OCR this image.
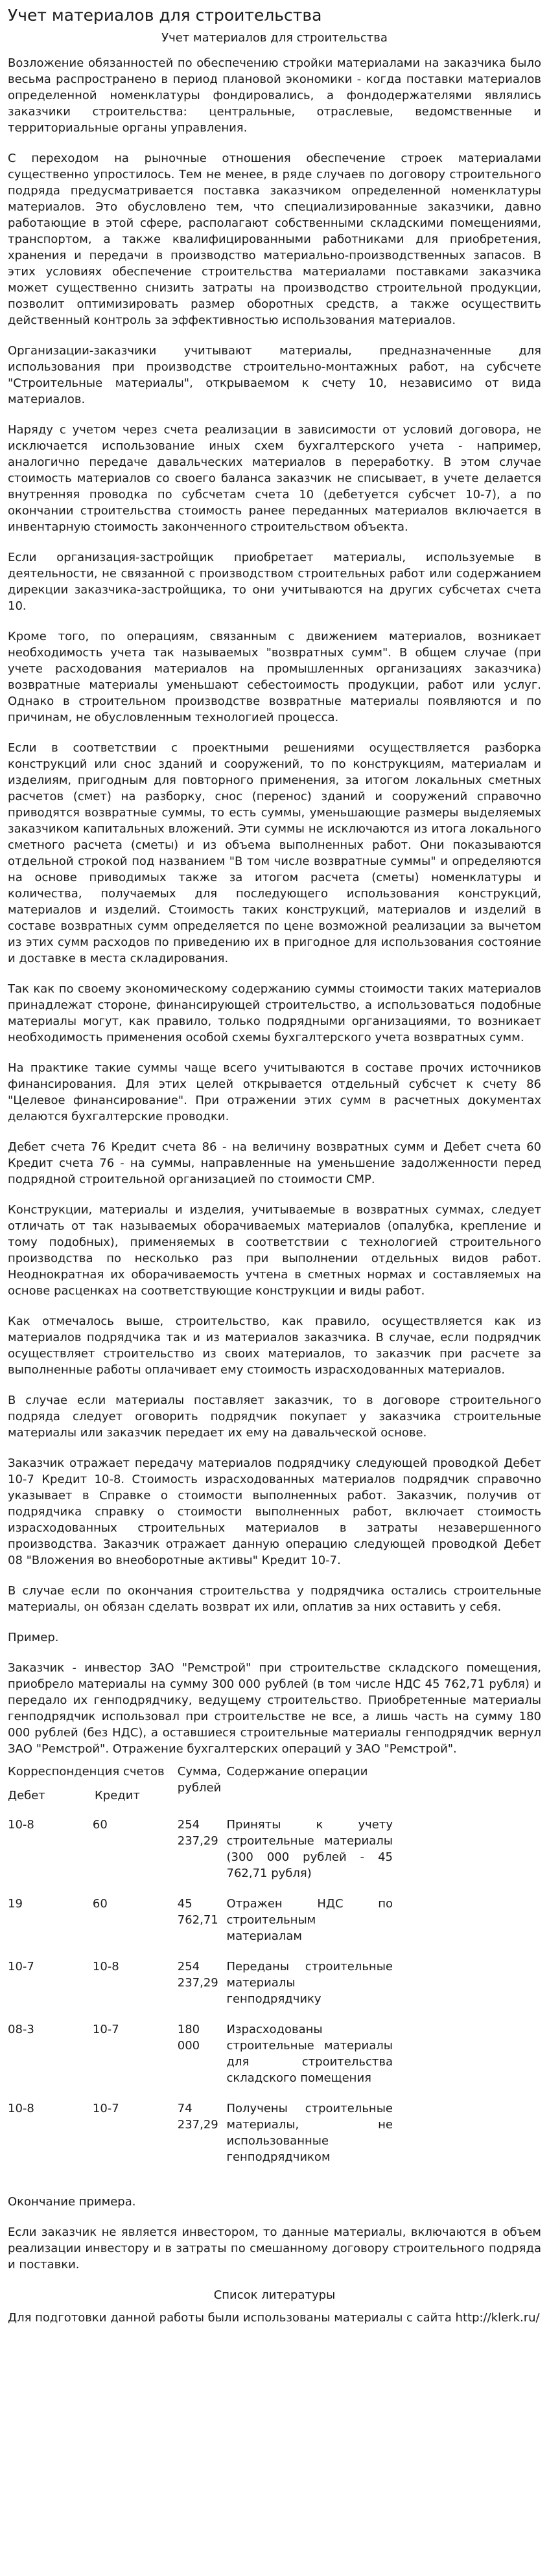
Учет материалов для строительства
Учет материалов для строительства

Возложение обязанностей по обеспечению стройки материалами на заказчика было весьма распространено в период плановой экономики - когда поставки материалов определенной номенклатуры фондировались, а фондодержателями являлись заказчики строительства: центральные, отраслевые, ведомственные и территориальные органы управления.

С переходом на рыночные отношения обеспечение строек материалами существенно упростилось. Тем не менее, в ряде случаев по договору строительного подряда предусматривается поставка заказчиком определенной номенклатуры материалов. Это обусловлено тем, что специализированные заказчики, давно работающие в этой сфере, располагают собственными складскими помещениями, транспортом, а также квалифицированными работниками для приобретения, хранения и передачи в производство материально-производственных запасов. В этих условиях обеспечение строительства материалами поставками заказчика может существенно снизить затраты на производство строительной продукции, позволит оптимизировать размер оборотных средств, а также осуществить действенный контроль за эффективностью использования материалов.

Организации-заказчики учитывают материалы, предназначенные для использования при производстве строительно-монтажных работ, на субсчете "Строительные материалы", открываемом к счету 10, независимо от вида материалов.

Наряду с учетом через счета реализации в зависимости от условий договора, не исключается использование иных схем бухгалтерского учета - например, аналогично передаче давальческих материалов в переработку. В этом случае стоимость материалов со своего баланса заказчик не списывает, в учете делается внутренняя проводка по субсчетам счета 10 (дебетуется субсчет 10-7), а по окончании строительства стоимость ранее переданных материалов включается в инвентарную стоимость законченного строительством объекта.

Если организация-застройщик приобретает материалы, используемые в деятельности, не связанной с производством строительных работ или содержанием дирекции заказчика-застройщика, то они учитываются на других субсчетах счета 10.

Кроме того, по операциям, связанным с движением материалов, возникает необходимость учета так называемых "возвратных сумм". В общем случае (при учете расходования материалов на промышленных организациях заказчика) возвратные материалы уменьшают себестоимость продукции, работ или услуг. Однако в строительном производстве возвратные материалы появляются и по причинам, не обусловленным технологией процесса.

Если в соответствии с проектными решениями осуществляется разборка конструкций или снос зданий и сооружений, то по конструкциям, материалам и изделиям, пригодным для повторного применения, за итогом локальных сметных расчетов (смет) на разборку, снос (перенос) зданий и сооружений справочно приводятся возвратные суммы, то есть суммы, уменьшающие размеры выделяемых заказчиком капитальных вложений. Эти суммы не исключаются из итога локального сметного расчета (сметы) и из объема выполненных работ. Они показываются отдельной строкой под названием "В том числе возвратные суммы" и определяются на основе приводимых также за итогом расчета (сметы) номенклатуры и количества, получаемых для последующего использования конструкций, материалов и изделий. Стоимость таких конструкций, материалов и изделий в составе возвратных сумм определяется по цене возможной реализации за вычетом из этих сумм расходов по приведению их в пригодное для использования состояние и доставке в места складирования.

Так как по своему экономическому содержанию суммы стоимости таких материалов принадлежат стороне, финансирующей строительство, а использоваться подобные материалы могут, как правило, только подрядными организациями, то возникает необходимость применения особой схемы бухгалтерского учета возвратных сумм.

На практике такие суммы чаще всего учитываются в составе прочих источников финансирования. Для этих целей открывается отдельный субсчет к счету 86 "Целевое финансирование". При отражении этих сумм в расчетных документах делаются бухгалтерские проводки.

Дебет счета 76 Кредит счета 86 - на величину возвратных сумм и Дебет счета 60 Кредит счета 76 - на суммы, направленные на уменьшение задолженности перед подрядной строительной организацией по стоимости СМР.

Конструкции, материалы и изделия, учитываемые в возвратных суммах, следует отличать от так называемых оборачиваемых материалов (опалубка, крепление и тому подобных), применяемых в соответствии с технологией строительного производства по несколько раз при выполнении отдельных видов работ. Неоднократная их оборачиваемость учтена в сметных нормах и составляемых на основе расценках на соответствующие конструкции и виды работ.

Как отмечалось выше, строительство, как правило, осуществляется как из материалов подрядчика так и из материалов заказчика. В случае, если подрядчик осуществляет строительство из своих материалов, то заказчик при расчете за выполненные работы оплачивает ему стоимость израсходованных материалов.

В случае если материалы поставляет заказчик, то в договоре строительного подряда следует оговорить подрядчик покупает у заказчика строительные материалы или заказчик передает их ему на давальческой основе.

Заказчик отражает передачу материалов подрядчику следующей проводкой Дебет 10-7 Кредит 10-8. Стоимость израсходованных материалов подрядчик справочно указывает в Справке о стоимости выполненных работ. Заказчик, получив от подрядчика справку о стоимости выполненных работ, включает стоимость израсходованных строительных материалов в затраты незавершенного производства. Заказчик отражает данную операцию следующей проводкой Дебет 08 "Вложения во внеоборотные активы" Кредит 10-7.

В случае если по окончания строительства у подрядчика остались строительные материалы, он обязан сделать возврат их или, оплатив за них оставить у себя.

Пример.

Заказчик - инвестор ЗАО "Ремстрой" при строительстве складского помещения, приобрело материалы на сумму 300 000 рублей (в том числе НДС 45 762,71 рубля) и передало их генподрядчику, ведущему строительство. Приобретенные материалы генподрядчик использовал при строительстве не все, а лишь часть на сумму 180 000 рублей (без НДС), а оставшиеся строительные материалы генподрядчик вернул ЗАО "Ремстрой". Отражение бухгалтерских операций у ЗАО "Ремстрой".

Корреспонденция счетов
Дебет Кредит		Сумма, рублей	Содержание операции
10-8	60	254 237,29	Приняты к учету строительные материалы (300 000 рублей - 45 762,71 рубля)
19	60	45 762,71	Отражен НДС по строительным материалам
10-7	10-8	254 237,29	Переданы строительные материалы генподрядчику
08-3	10-7	180 000	Израсходованы строительные материалы для строительства складского помещения
10-8	10-7	74 237,29	Получены строительные материалы, не использованные генподрядчиком

Окончание примера.

Если заказчик не является инвестором, то данные материалы, включаются в объем реализации инвестору и в затраты по смешанному договору строительного подряда и поставки.

Список литературы

Для подготовки данной работы были использованы материалы с сайта http://klerk.ru/
